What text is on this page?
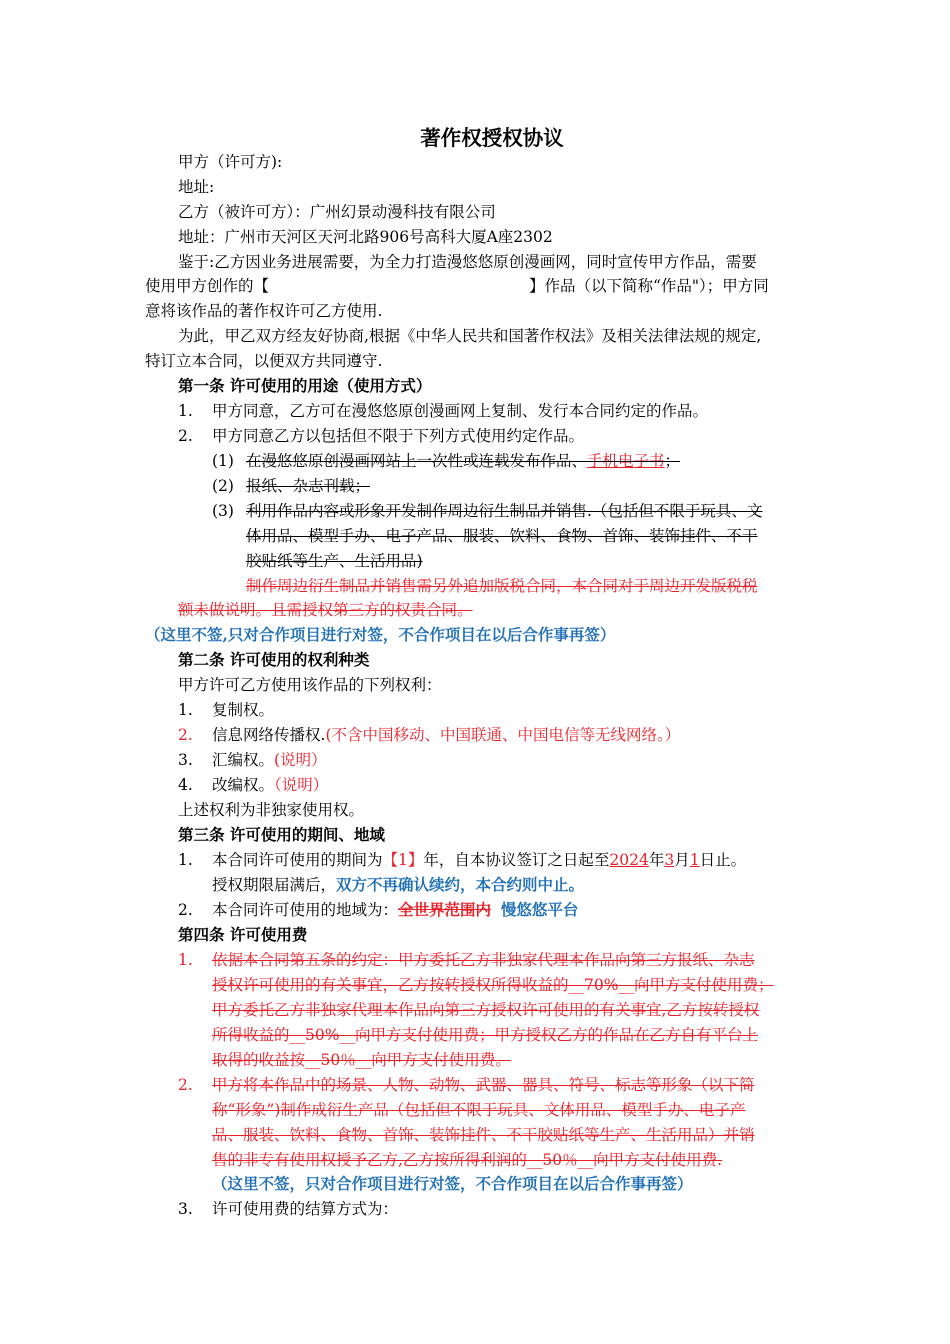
著作权授权协议
甲方（许可方):
地址:
乙方（被许可方）：广州幻景动漫科技有限公司
地址：广州市天河区天河北路906号高科大厦A座2302
鉴于:乙方因业务进展需要，为全力打造漫悠悠原创漫画网，同时宣传甲方作品，需要
使用甲方创作的【	】作品（以下简称“作品"）；甲方同
意将该作品的著作权许可乙方使用.
为此，甲乙双方经友好协商,根据《中华人民共和国著作权法》及相关法律法规的规定,
特订立本合同，以便双方共同遵守.
第一条 许可使用的用途（使用方式）
1. 甲方同意，乙方可在漫悠悠原创漫画网上复制、发行本合同约定的作品。
2. 甲方同意乙方以包括但不限于下列方式使用约定作品。
(1) 在漫悠悠原创漫画网站上一次性或连载发布作品、手机电子书；
(2) 报纸、杂志刊载；
(3) 利用作品内容或形象开发制作周边衍生制品并销售.（包括但不限于玩具、文
体用品、模型手办、电子产品、服装、饮料、食物、首饰、装饰挂件、不干
胶贴纸等生产、生活用品)
制作周边衍生制品并销售需另外追加版税合同，本合同对于周边开发版税税
额未做说明。且需授权第三方的权责合同。
（这里不签,只对合作项目进行对签，不合作项目在以后合作事再签）
第二条 许可使用的权利种类
甲方许可乙方使用该作品的下列权利：
1. 复制权。
2. 信息网络传播权.(不含中国移动、中国联通、中国电信等无线网络。）
3. 汇编权。(说明）
4. 改编权。（说明）
上述权利为非独家使用权。
第三条 许可使用的期间、地域
1. 本合同许可使用的期间为【1】年，自本协议签订之日起至2024年3月1日止。
授权期限届满后，双方不再确认续约，本合约则中止。
2. 本合同许可使用的地域为：全世界范围内 慢悠悠平台
第四条 许可使用费
1. 依据本合同第五条的约定：甲方委托乙方非独家代理本作品向第三方报纸、杂志
授权许可使用的有关事宜，乙方按转授权所得收益的__70%__向甲方支付使用费；
甲方委托乙方非独家代理本作品向第三方授权许可使用的有关事宜,乙方按转授权
所得收益的__50%__向甲方支付使用费；甲方授权乙方的作品在乙方自有平台上
取得的收益按__50％__向甲方支付使用费。
2. 甲方将本作品中的场景、人物、动物、武器、器具、符号、标志等形象（以下简
称“形象”)制作成衍生产品（包括但不限于玩具、文体用品、模型手办、电子产
品、服装、饮料、食物、首饰、装饰挂件、不干胶贴纸等生产、生活用品）并销
售的非专有使用权授予乙方,乙方按所得利润的__50％__向甲方支付使用费.
（这里不签，只对合作项目进行对签，不合作项目在以后合作事再签）
3. 许可使用费的结算方式为：
